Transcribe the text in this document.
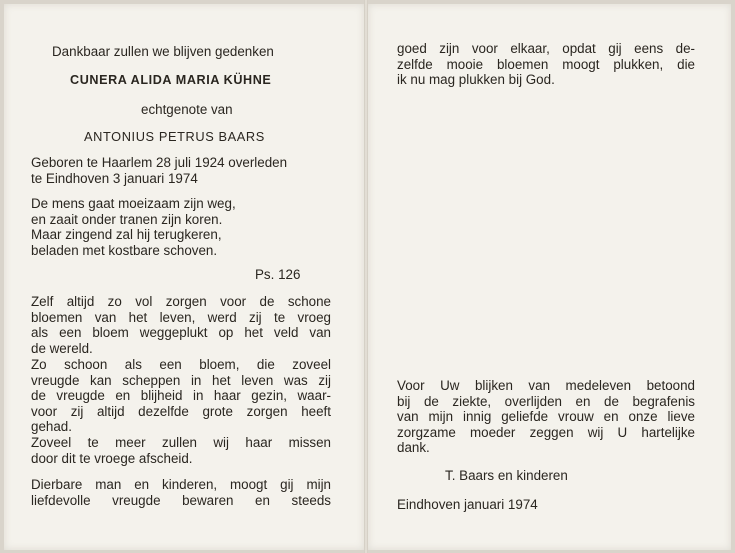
Dankbaar zullen we blijven gedenken

CUNERA ALIDA MARIA KÜHNE

echtgenote van

ANTONIUS PETRUS BAARS

Geboren te Haarlem 28 juli 1924 overleden
te Eindhoven 3 januari 1974
De mens gaat moeizaam zijn weg,
en zaait onder tranen zijn koren.
Maar zingend zal hij terugkeren,
beladen met kostbare schoven.

Ps. 126

Zelf altijd zo vol zorgen voor de schone
bloemen van het leven, werd zij te vroeg
als een bloem weggeplukt op het veld van
de wereld.
Zo schoon als een bloem, die zoveel
vreugde kan scheppen in het leven was zij
de vreugde en blijheid in haar gezin, waar-
voor zij altijd dezelfde grote zorgen heeft
gehad.
Zoveel te meer zullen wij haar missen
door dit te vroege afscheid.
Dierbare man en kinderen, moogt gij mijn
liefdevolle vreugde bewaren en steeds
goed zijn voor elkaar, opdat gij eens de-
zelfde mooie bloemen moogt plukken, die
ik nu mag plukken bij God.
Voor Uw blijken van medeleven betoond
bij de ziekte, overlijden en de begrafenis
van mijn innig geliefde vrouw en onze lieve
zorgzame moeder zeggen wij U hartelijke
dank.

T. Baars en kinderen

Eindhoven januari 1974
